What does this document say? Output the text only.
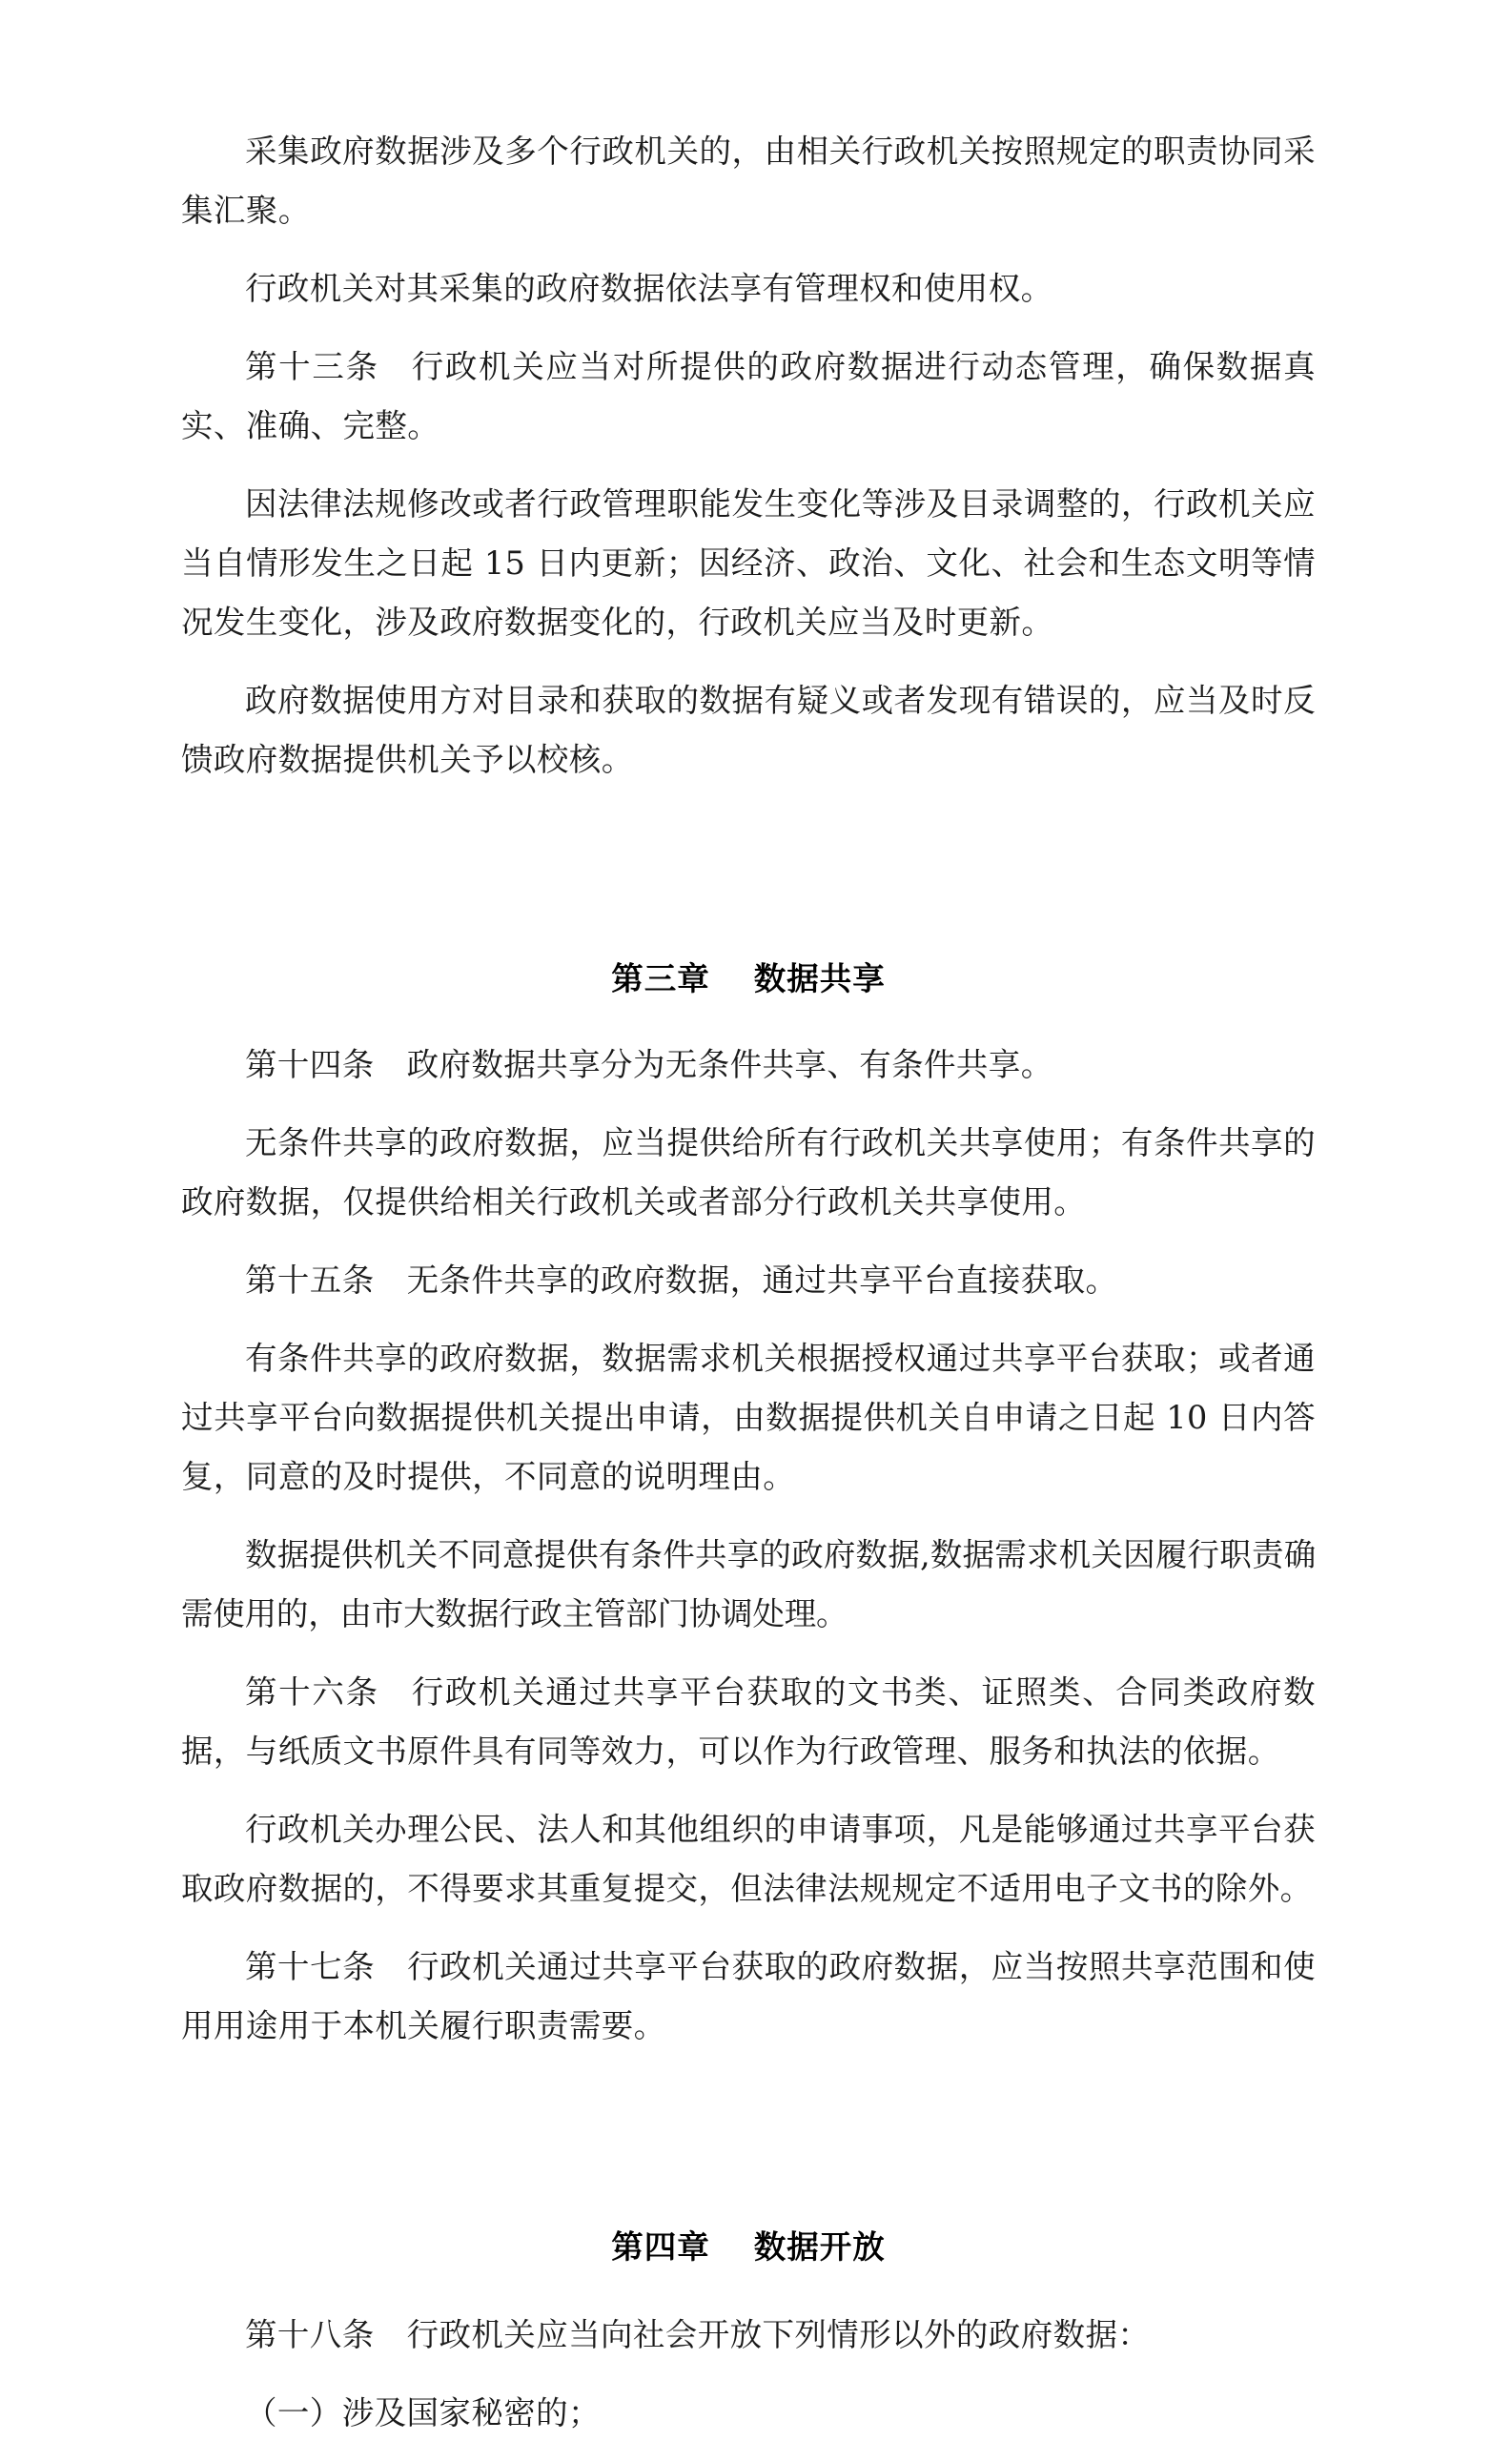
采集政府数据涉及多个行政机关的，由相关行政机关按照规定的职责协同采集汇聚。

行政机关对其采集的政府数据依法享有管理权和使用权。

第十三条 行政机关应当对所提供的政府数据进行动态管理，确保数据真实、准确、完整。

因法律法规修改或者行政管理职能发生变化等涉及目录调整的，行政机关应当自情形发生之日起 15 日内更新；因经济、政治、文化、社会和生态文明等情况发生变化，涉及政府数据变化的，行政机关应当及时更新。

政府数据使用方对目录和获取的数据有疑义或者发现有错误的，应当及时反馈政府数据提供机关予以校核。

第三章 数据共享

第十四条 政府数据共享分为无条件共享、有条件共享。

无条件共享的政府数据，应当提供给所有行政机关共享使用；有条件共享的政府数据，仅提供给相关行政机关或者部分行政机关共享使用。

第十五条 无条件共享的政府数据，通过共享平台直接获取。

有条件共享的政府数据，数据需求机关根据授权通过共享平台获取；或者通过共享平台向数据提供机关提出申请，由数据提供机关自申请之日起 10 日内答复，同意的及时提供，不同意的说明理由。

数据提供机关不同意提供有条件共享的政府数据,数据需求机关因履行职责确需使用的，由市大数据行政主管部门协调处理。

第十六条 行政机关通过共享平台获取的文书类、证照类、合同类政府数据，与纸质文书原件具有同等效力，可以作为行政管理、服务和执法的依据。

行政机关办理公民、法人和其他组织的申请事项，凡是能够通过共享平台获取政府数据的，不得要求其重复提交，但法律法规规定不适用电子文书的除外。

第十七条 行政机关通过共享平台获取的政府数据，应当按照共享范围和使用用途用于本机关履行职责需要。

第四章 数据开放

第十八条 行政机关应当向社会开放下列情形以外的政府数据：

（一）涉及国家秘密的；
